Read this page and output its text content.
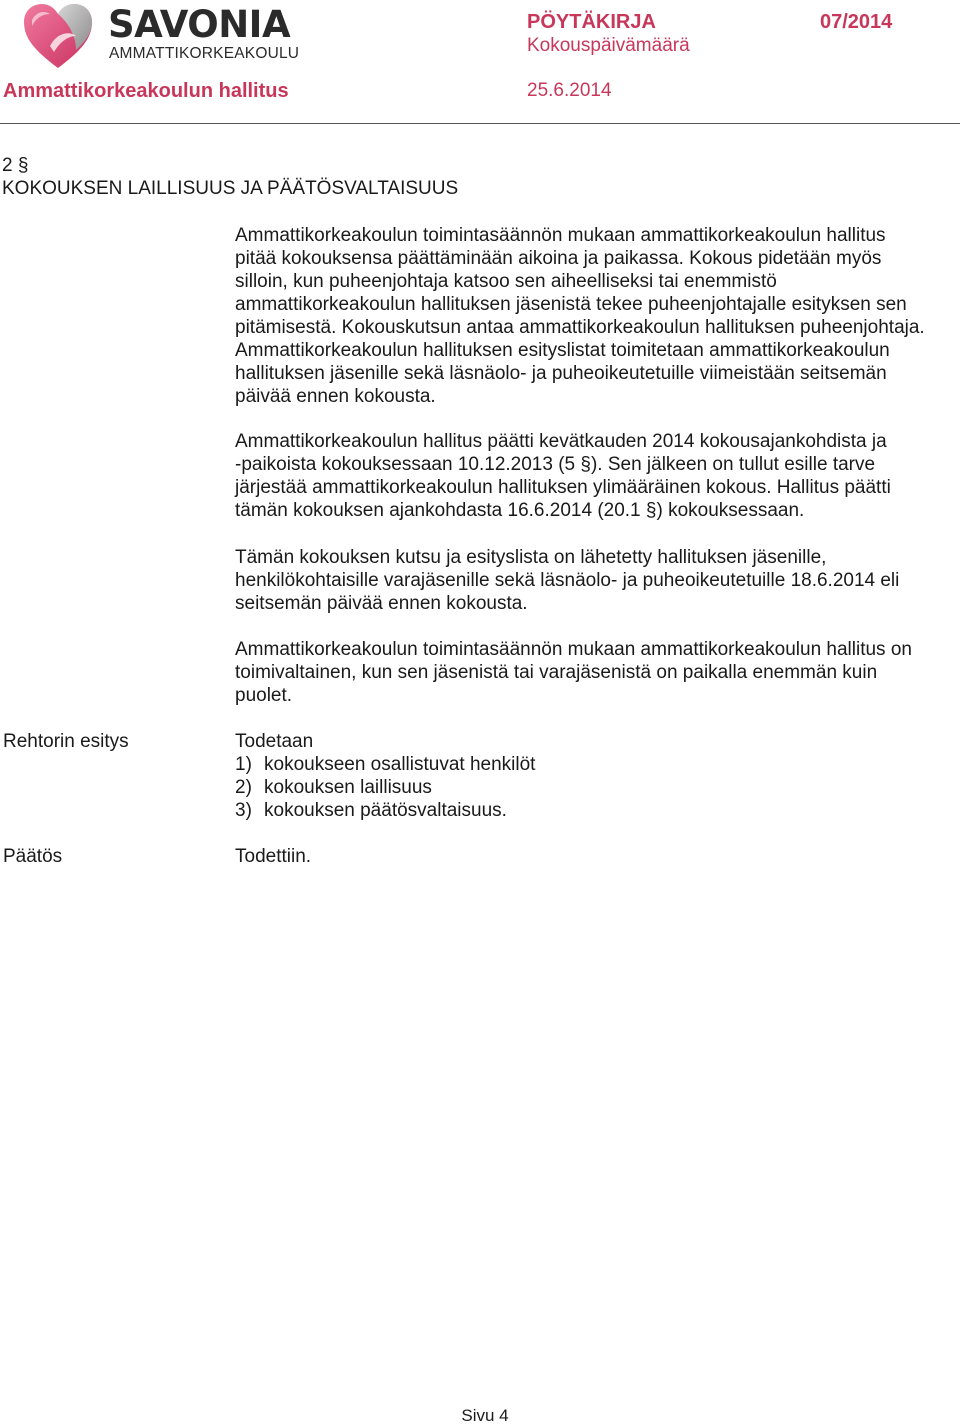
SAVONIA
AMMATTIKORKEAKOULU
PÖYTÄKIRJA	07/2014
Kokouspäivämäärä
Ammattikorkeakoulun hallitus	25.6.2014
2 §
KOKOUKSEN LAILLISUUS JA PÄÄTÖSVALTAISUUS
Ammattikorkeakoulun toimintasäännön mukaan ammattikorkeakoulun hallitus
pitää kokouksensa päättäminään aikoina ja paikassa. Kokous pidetään myös
silloin, kun puheenjohtaja katsoo sen aiheelliseksi tai enemmistö
ammattikorkeakoulun hallituksen jäsenistä tekee puheenjohtajalle esityksen sen
pitämisestä. Kokouskutsun antaa ammattikorkeakoulun hallituksen puheenjohtaja.
Ammattikorkeakoulun hallituksen esityslistat toimitetaan ammattikorkeakoulun
hallituksen jäsenille sekä läsnäolo- ja puheoikeutetuille viimeistään seitsemän
päivää ennen kokousta.
Ammattikorkeakoulun hallitus päätti kevätkauden 2014 kokousajankohdista ja
-paikoista kokouksessaan 10.12.2013 (5 §). Sen jälkeen on tullut esille tarve
järjestää ammattikorkeakoulun hallituksen ylimääräinen kokous. Hallitus päätti
tämän kokouksen ajankohdasta 16.6.2014 (20.1 §) kokouksessaan.
Tämän kokouksen kutsu ja esityslista on lähetetty hallituksen jäsenille,
henkilökohtaisille varajäsenille sekä läsnäolo- ja puheoikeutetuille 18.6.2014 eli
seitsemän päivää ennen kokousta.
Ammattikorkeakoulun toimintasäännön mukaan ammattikorkeakoulun hallitus on
toimivaltainen, kun sen jäsenistä tai varajäsenistä on paikalla enemmän kuin
puolet.
Rehtorin esitys	Todetaan
1) kokoukseen osallistuvat henkilöt
2) kokouksen laillisuus
3) kokouksen päätösvaltaisuus.
Päätös	Todettiin.
Sivu 4
